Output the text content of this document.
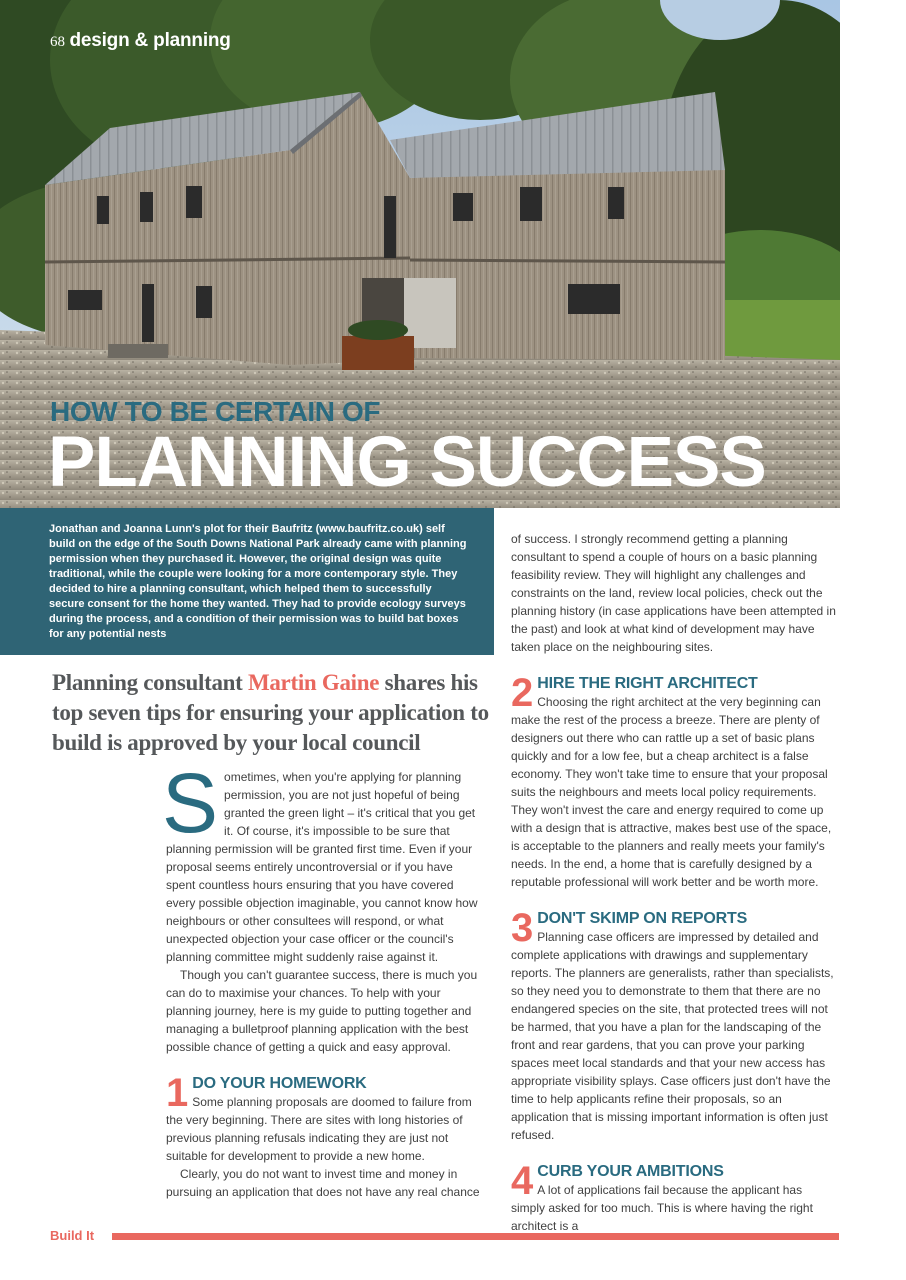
68 design & planning
HOW TO BE CERTAIN OF
PLANNING SUCCESS

Jonathan and Joanna Lunn's plot for their Baufritz (www.baufritz.co.uk) self build on the edge of the South Downs National Park already came with planning permission when they purchased it. However, the original design was quite traditional, while the couple were looking for a more contemporary style. They decided to hire a planning consultant, which helped them to successfully secure consent for the home they wanted. They had to provide ecology surveys during the process, and a condition of their permission was to build bat boxes for any potential nests

Planning consultant Martin Gaine shares his top seven tips for ensuring your application to build is approved by your local council

Sometimes, when you're applying for planning permission, you are not just hopeful of being granted the green light – it's critical that you get it. Of course, it's impossible to be sure that planning permission will be granted first time. Even if your proposal seems entirely uncontroversial or if you have spent countless hours ensuring that you have covered every possible objection imaginable, you cannot know how neighbours or other consultees will respond, or what unexpected objection your case officer or the council's planning committee might suddenly raise against it.

Though you can't guarantee success, there is much you can do to maximise your chances. To help with your planning journey, here is my guide to putting together and managing a bulletproof planning application with the best possible chance of getting a quick and easy approval.

1 DO YOUR HOMEWORK

Some planning proposals are doomed to failure from the very beginning. There are sites with long histories of previous planning refusals indicating they are just not suitable for development to provide a new home.

Clearly, you do not want to invest time and money in pursuing an application that does not have any real chance

of success. I strongly recommend getting a planning consultant to spend a couple of hours on a basic planning feasibility review. They will highlight any challenges and constraints on the land, review local policies, check out the planning history (in case applications have been attempted in the past) and look at what kind of development may have taken place on the neighbouring sites.

2 HIRE THE RIGHT ARCHITECT

Choosing the right architect at the very beginning can make the rest of the process a breeze. There are plenty of designers out there who can rattle up a set of basic plans quickly and for a low fee, but a cheap architect is a false economy. They won't take time to ensure that your proposal suits the neighbours and meets local policy requirements. They won't invest the care and energy required to come up with a design that is attractive, makes best use of the space, is acceptable to the planners and really meets your family's needs. In the end, a home that is carefully designed by a reputable professional will work better and be worth more.

3 DON'T SKIMP ON REPORTS

Planning case officers are impressed by detailed and complete applications with drawings and supplementary reports. The planners are generalists, rather than specialists, so they need you to demonstrate to them that there are no endangered species on the site, that protected trees will not be harmed, that you have a plan for the landscaping of the front and rear gardens, that you can prove your parking spaces meet local standards and that your new access has appropriate visibility splays. Case officers just don't have the time to help applicants refine their proposals, so an application that is missing important information is often just refused.

4 CURB YOUR AMBITIONS

A lot of applications fail because the applicant has simply asked for too much. This is where having the right architect is a

Build It
